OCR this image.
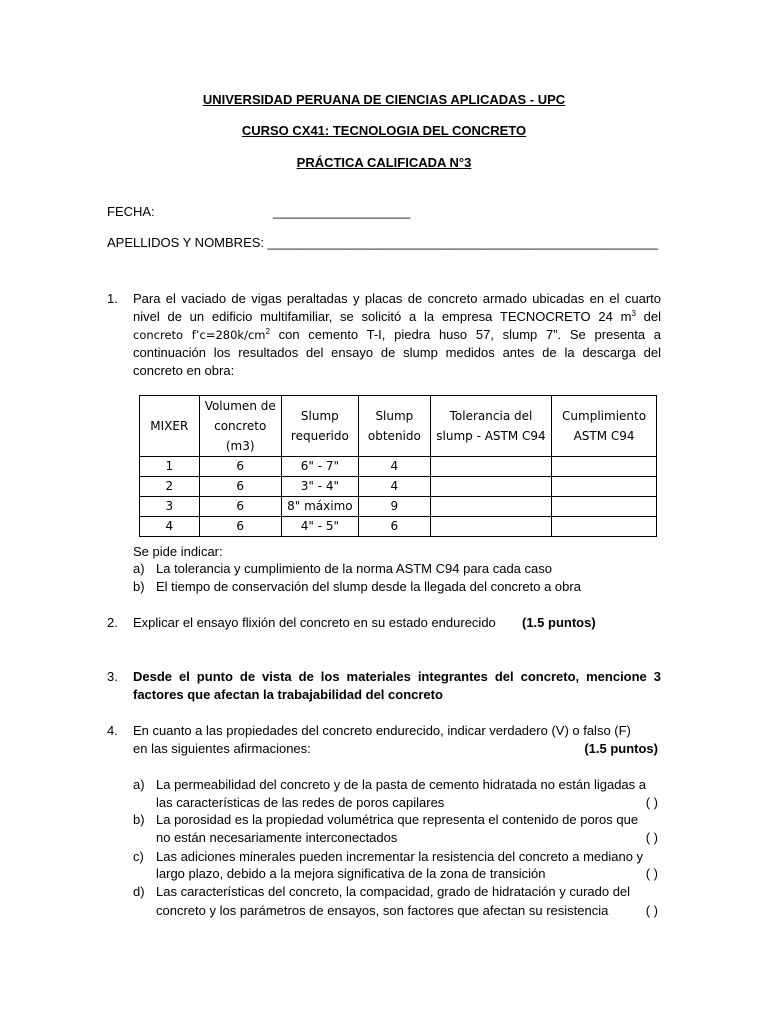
UNIVERSIDAD PERUANA DE CIENCIAS APLICADAS - UPC
CURSO CX41: TECNOLOGIA DEL CONCRETO
PRÁCTICA CALIFICADA N°3
FECHA:	___________________
APELLIDOS Y NOMBRES: ______________________________________________________
1. Para el vaciado de vigas peraltadas y placas de concreto armado ubicadas en el cuarto nivel de un edificio multifamiliar, se solicitó a la empresa TECNOCRETO 24 $m^3$ del concreto $f’c=280k/cm^2$ con cemento T-I, piedra huso 57, slump 7”. Se presenta a continuación los resultados del ensayo de slump medidos antes de la descarga del concreto en obra:
MIXER	Volumen de concreto (m3)	Slump requerido	Slump obtenido	Tolerancia del slump - ASTM C94	Cumplimiento ASTM C94
1	6	6" - 7"	4		
2	6	3" - 4"	4		
3	6	8" máximo	9		
4	6	4" - 5"	6		
Se pide indicar:
a) La tolerancia y cumplimiento de la norma ASTM C94 para cada caso
b) El tiempo de conservación del slump desde la llegada del concreto a obra
2. Explicar el ensayo flixión del concreto en su estado endurecido (1.5 puntos)
3. Desde el punto de vista de los materiales integrantes del concreto, mencione 3 factores que afectan la trabajabilidad del concreto
4. En cuanto a las propiedades del concreto endurecido, indicar verdadero (V) o falso (F)
en las siguientes afirmaciones:	(1.5 puntos)
a) La permeabilidad del concreto y de la pasta de cemento hidratada no están ligadas a
las características de las redes de poros capilares	( )
b) La porosidad es la propiedad volumétrica que representa el contenido de poros que
no están necesariamente interconectados	( )
c) Las adiciones minerales pueden incrementar la resistencia del concreto a mediano y
largo plazo, debido a la mejora significativa de la zona de transición	( )
d) Las características del concreto, la compacidad, grado de hidratación y curado del
concreto y los parámetros de ensayos, son factores que afectan su resistencia	( )
